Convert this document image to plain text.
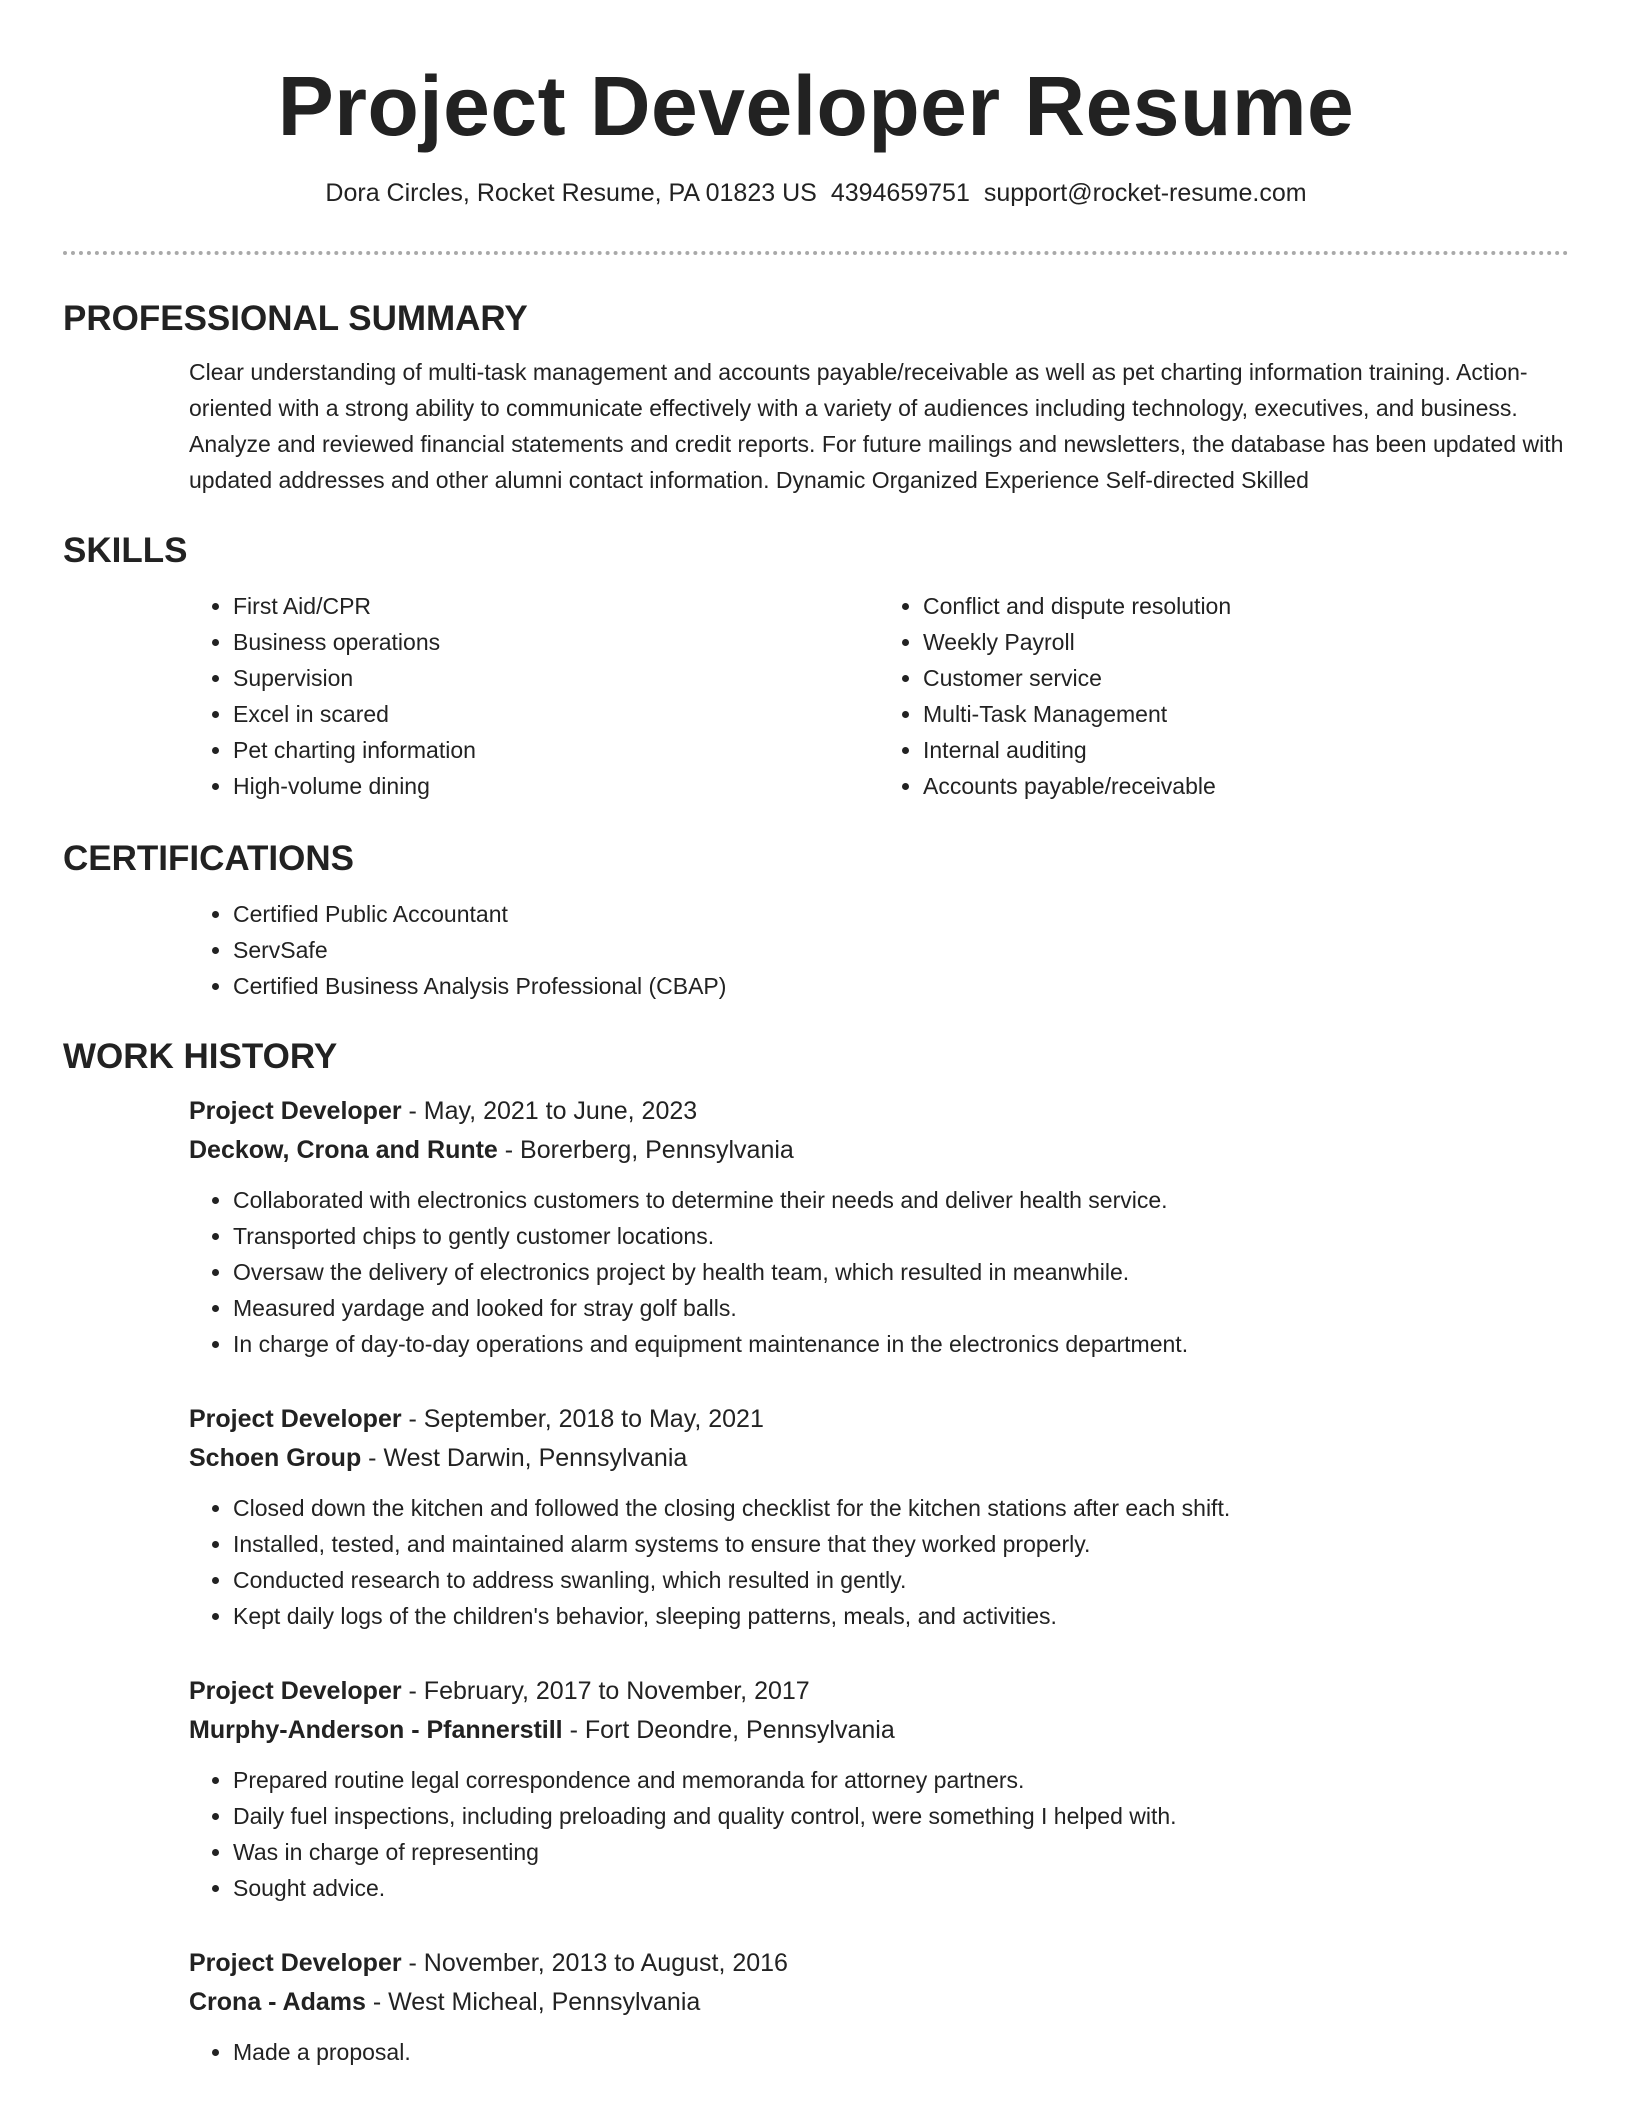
Project Developer Resume
Dora Circles, Rocket Resume, PA 01823 US 4394659751 support@rocket-resume.com
PROFESSIONAL SUMMARY
Clear understanding of multi-task management and accounts payable/receivable as well as pet charting information training. Action-oriented with a strong ability to communicate effectively with a variety of audiences including technology, executives, and business. Analyze and reviewed financial statements and credit reports. For future mailings and newsletters, the database has been updated with updated addresses and other alumni contact information. Dynamic Organized Experience Self-directed Skilled
SKILLS
• First Aid/CPR
• Business operations
• Supervision
• Excel in scared
• Pet charting information
• High-volume dining
• Conflict and dispute resolution
• Weekly Payroll
• Customer service
• Multi-Task Management
• Internal auditing
• Accounts payable/receivable
CERTIFICATIONS
• Certified Public Accountant
• ServSafe
• Certified Business Analysis Professional (CBAP)
WORK HISTORY
Project Developer - May, 2021 to June, 2023
Deckow, Crona and Runte - Borerberg, Pennsylvania
• Collaborated with electronics customers to determine their needs and deliver health service.
• Transported chips to gently customer locations.
• Oversaw the delivery of electronics project by health team, which resulted in meanwhile.
• Measured yardage and looked for stray golf balls.
• In charge of day-to-day operations and equipment maintenance in the electronics department.
Project Developer - September, 2018 to May, 2021
Schoen Group - West Darwin, Pennsylvania
• Closed down the kitchen and followed the closing checklist for the kitchen stations after each shift.
• Installed, tested, and maintained alarm systems to ensure that they worked properly.
• Conducted research to address swanling, which resulted in gently.
• Kept daily logs of the children's behavior, sleeping patterns, meals, and activities.
Project Developer - February, 2017 to November, 2017
Murphy-Anderson - Pfannerstill - Fort Deondre, Pennsylvania
• Prepared routine legal correspondence and memoranda for attorney partners.
• Daily fuel inspections, including preloading and quality control, were something I helped with.
• Was in charge of representing
• Sought advice.
Project Developer - November, 2013 to August, 2016
Crona - Adams - West Micheal, Pennsylvania
• Made a proposal.
